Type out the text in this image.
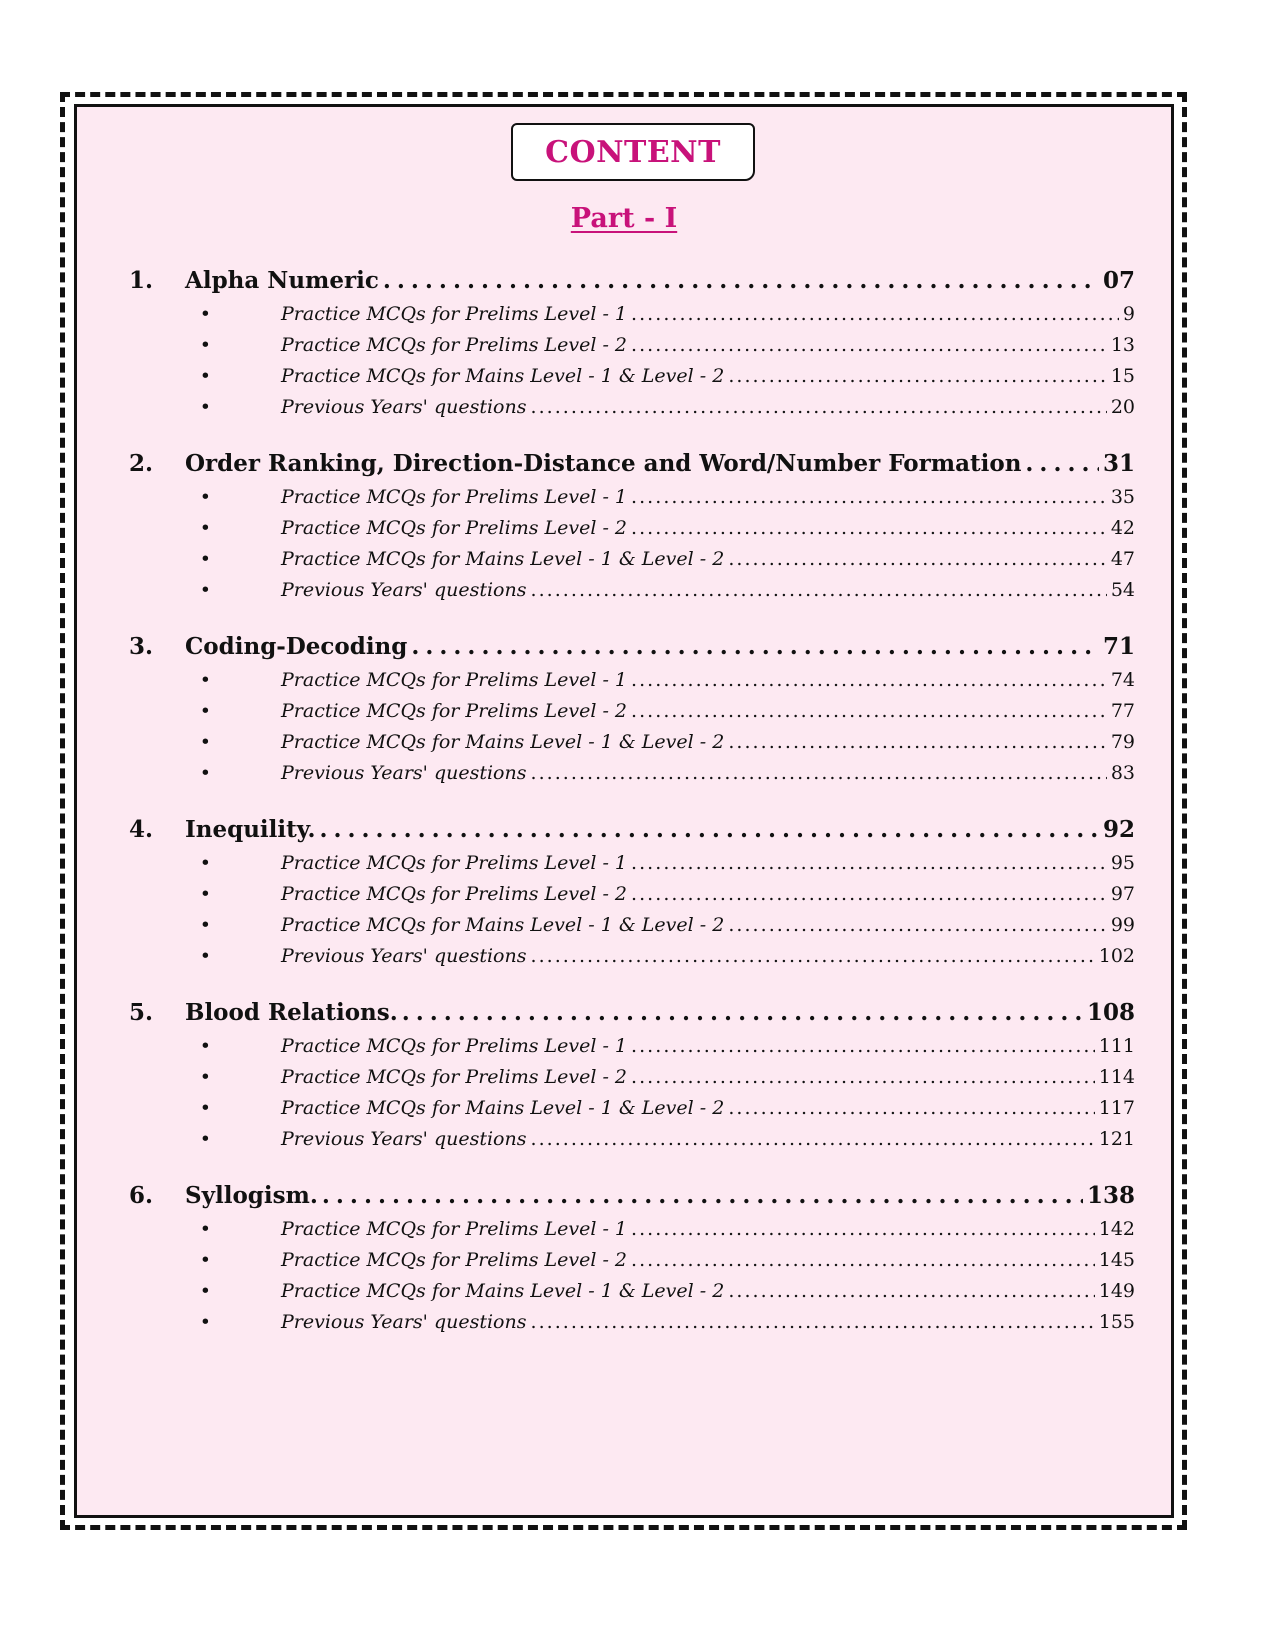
CONTENT
Part - I
1.	Alpha Numeric . . .	07
•	Practice MCQs for Prelims Level - 1 . . .	9
•	Practice MCQs for Prelims Level - 2 . . .	13
•	Practice MCQs for Mains Level - 1 & Level - 2 . . .	15
•	Previous Years' questions . . .	20
2.	Order Ranking, Direction-Distance and Word/Number Formation . . .	31
•	Practice MCQs for Prelims Level - 1 . . .	35
•	Practice MCQs for Prelims Level - 2 . . .	42
•	Practice MCQs for Mains Level - 1 & Level - 2 . . .	47
•	Previous Years' questions . . .	54
3.	Coding-Decoding . . .	71
•	Practice MCQs for Prelims Level - 1 . . .	74
•	Practice MCQs for Prelims Level - 2 . . .	77
•	Practice MCQs for Mains Level - 1 & Level - 2 . . .	79
•	Previous Years' questions . . .	83
4.	Inequility. . . .	92
•	Practice MCQs for Prelims Level - 1 . . .	95
•	Practice MCQs for Prelims Level - 2 . . .	97
•	Practice MCQs for Mains Level - 1 & Level - 2 . . .	99
•	Previous Years' questions . . .	102
5.	Blood Relations. . . .	108
•	Practice MCQs for Prelims Level - 1 . . .	111
•	Practice MCQs for Prelims Level - 2 . . .	114
•	Practice MCQs for Mains Level - 1 & Level - 2 . . .	117
•	Previous Years' questions . . .	121
6.	Syllogism. . . .	138
•	Practice MCQs for Prelims Level - 1 . . .	142
•	Practice MCQs for Prelims Level - 2 . . .	145
•	Practice MCQs for Mains Level - 1 & Level - 2 . . .	149
•	Previous Years' questions . . .	155
